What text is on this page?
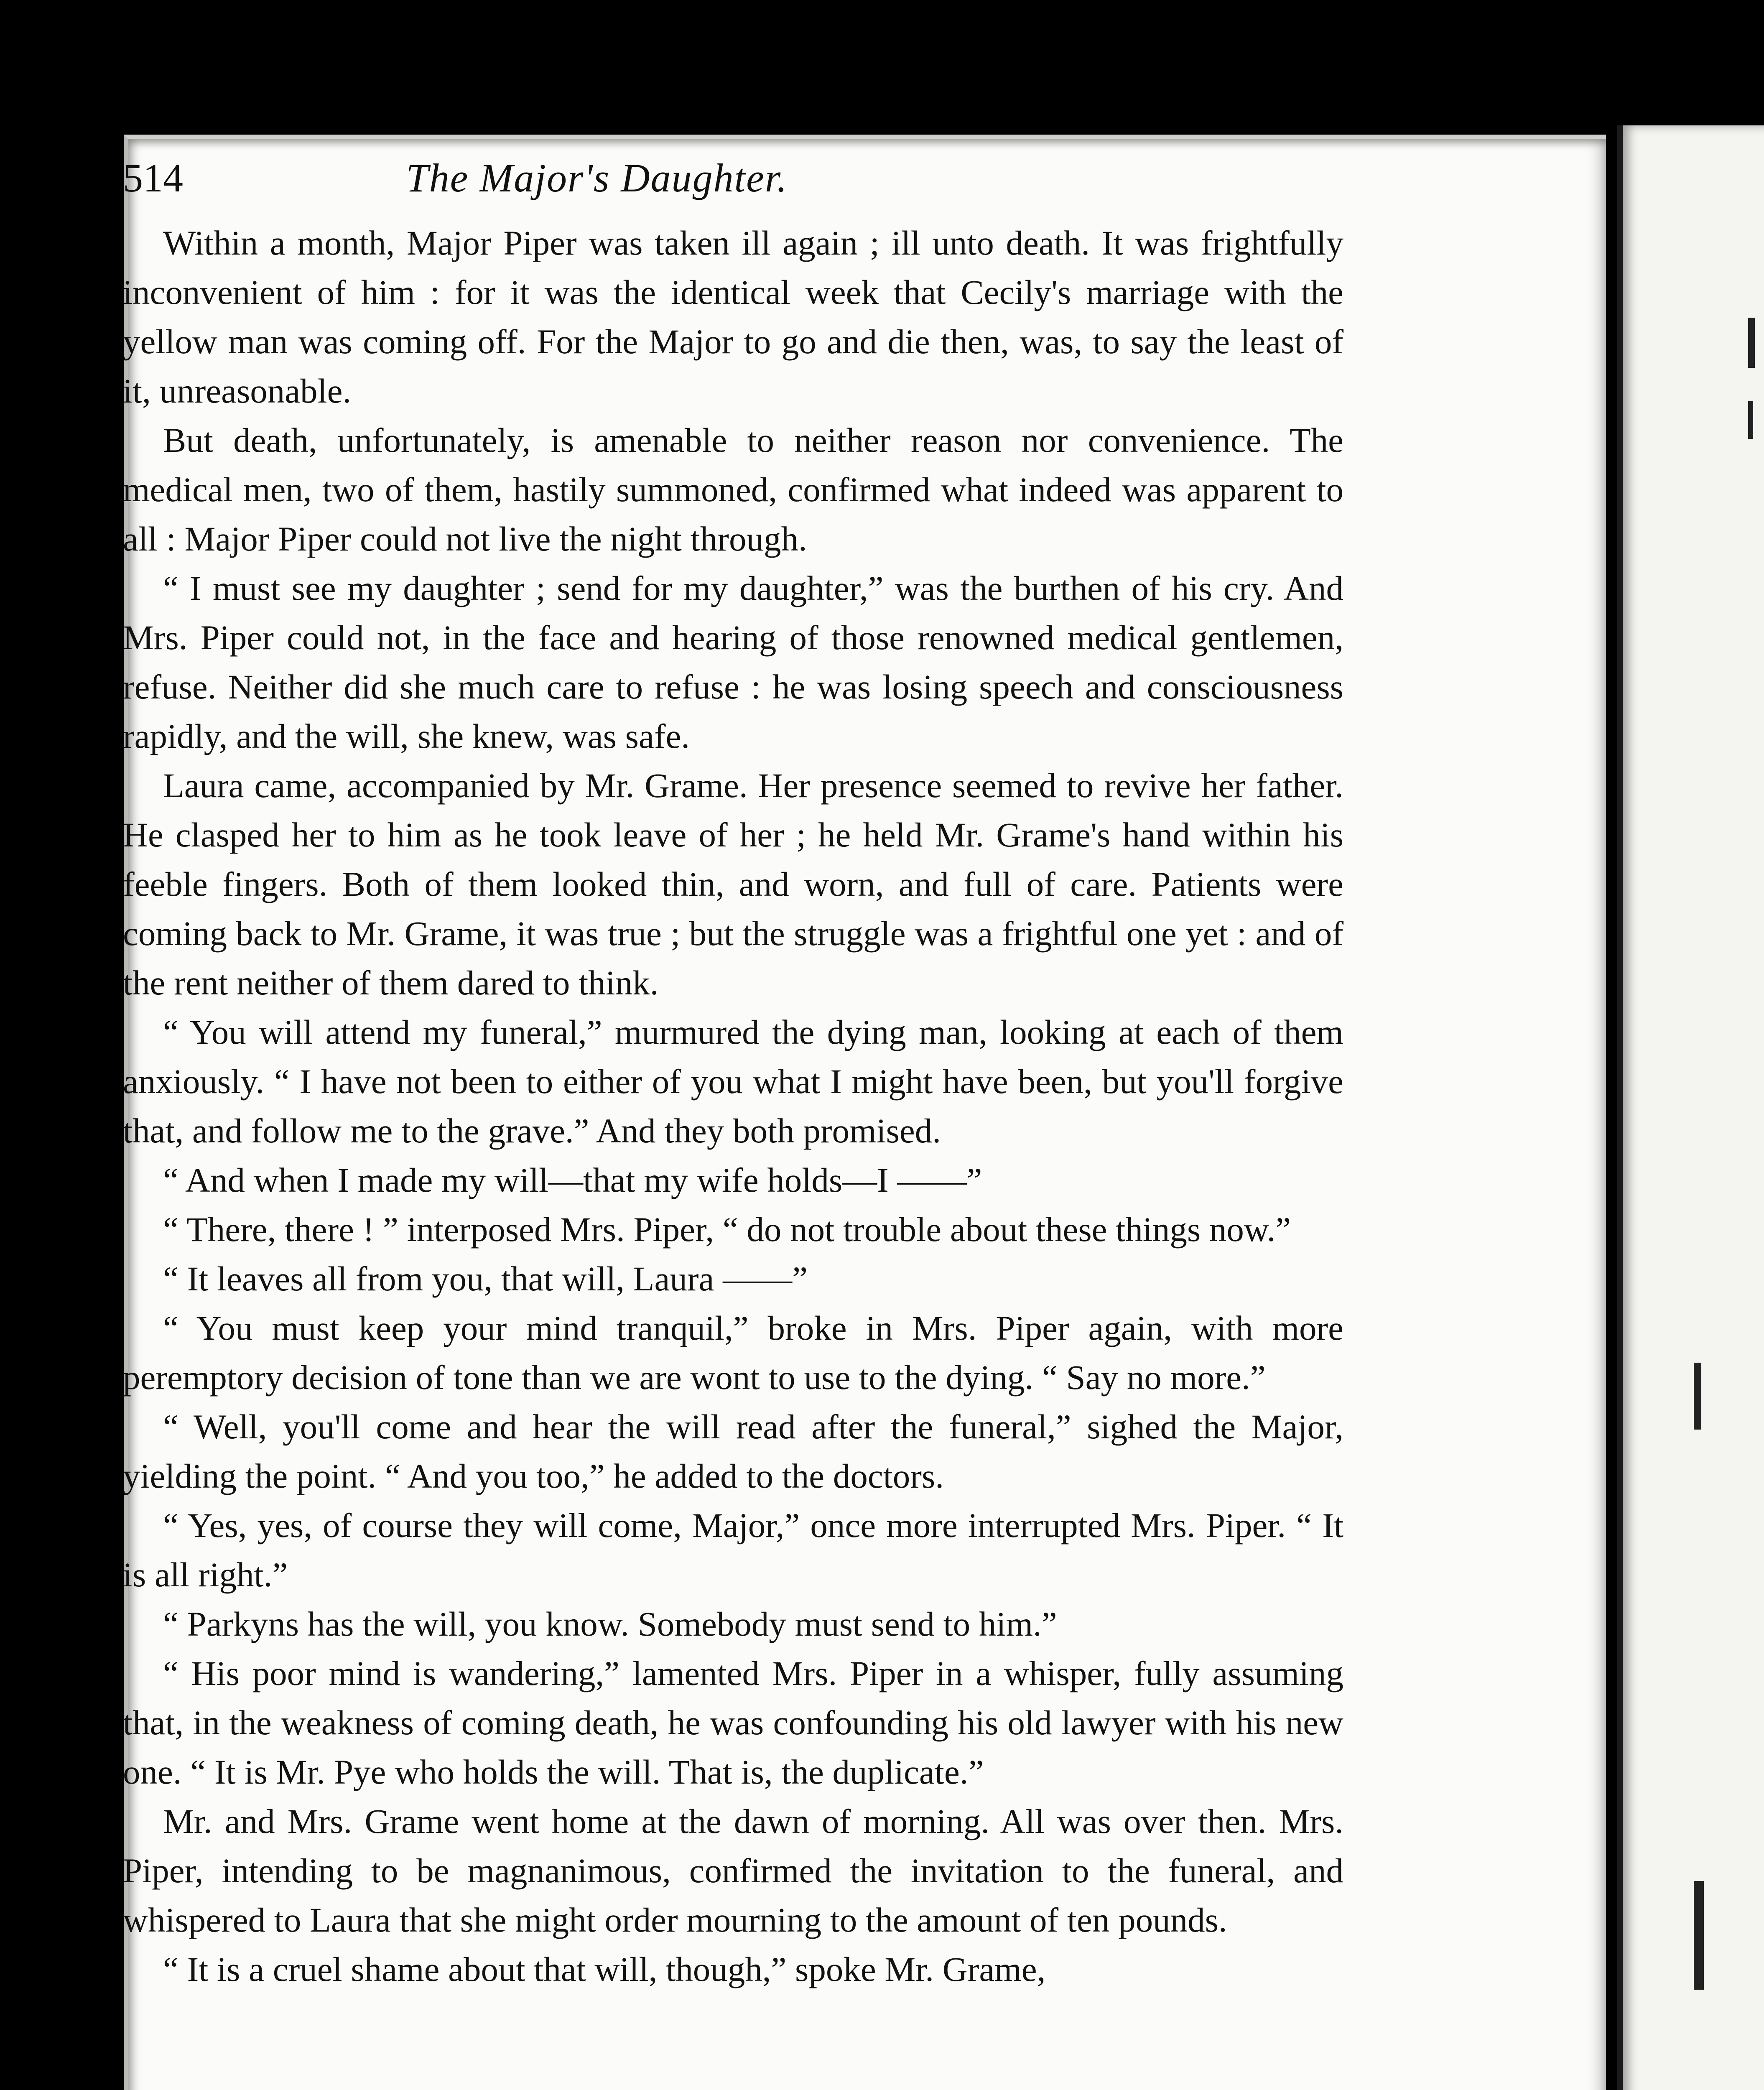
514	The Major's Daughter.

Within a month, Major Piper was taken ill again ; ill unto death. It was frightfully inconvenient of him : for it was the identical week that Cecily's marriage with the yellow man was coming off. For the Major to go and die then, was, to say the least of it, unreasonable.

But death, unfortunately, is amenable to neither reason nor convenience. The medical men, two of them, hastily summoned, confirmed what indeed was apparent to all : Major Piper could not live the night through.

“ I must see my daughter ; send for my daughter,” was the burthen of his cry. And Mrs. Piper could not, in the face and hearing of those renowned medical gentlemen, refuse. Neither did she much care to refuse : he was losing speech and consciousness rapidly, and the will, she knew, was safe.

Laura came, accompanied by Mr. Grame. Her presence seemed to revive her father. He clasped her to him as he took leave of her ; he held Mr. Grame's hand within his feeble fingers. Both of them looked thin, and worn, and full of care. Patients were coming back to Mr. Grame, it was true ; but the struggle was a frightful one yet : and of the rent neither of them dared to think.

“ You will attend my funeral,” murmured the dying man, looking at each of them anxiously. “ I have not been to either of you what I might have been, but you'll forgive that, and follow me to the grave.” And they both promised.

“ And when I made my will—that my wife holds—I ——”

“ There, there ! ” interposed Mrs. Piper, “ do not trouble about these things now.”

“ It leaves all from you, that will, Laura ——”

“ You must keep your mind tranquil,” broke in Mrs. Piper again, with more peremptory decision of tone than we are wont to use to the dying. “ Say no more.”

“ Well, you'll come and hear the will read after the funeral,” sighed the Major, yielding the point. “ And you too,” he added to the doctors.

“ Yes, yes, of course they will come, Major,” once more interrupted Mrs. Piper. “ It is all right.”

“ Parkyns has the will, you know. Somebody must send to him.”

“ His poor mind is wandering,” lamented Mrs. Piper in a whisper, fully assuming that, in the weakness of coming death, he was confounding his old lawyer with his new one. “ It is Mr. Pye who holds the will. That is, the duplicate.”

Mr. and Mrs. Grame went home at the dawn of morning. All was over then. Mrs. Piper, intending to be magnanimous, confirmed the invitation to the funeral, and whispered to Laura that she might order mourning to the amount of ten pounds.

“ It is a cruel shame about that will, though,” spoke Mr. Grame,
